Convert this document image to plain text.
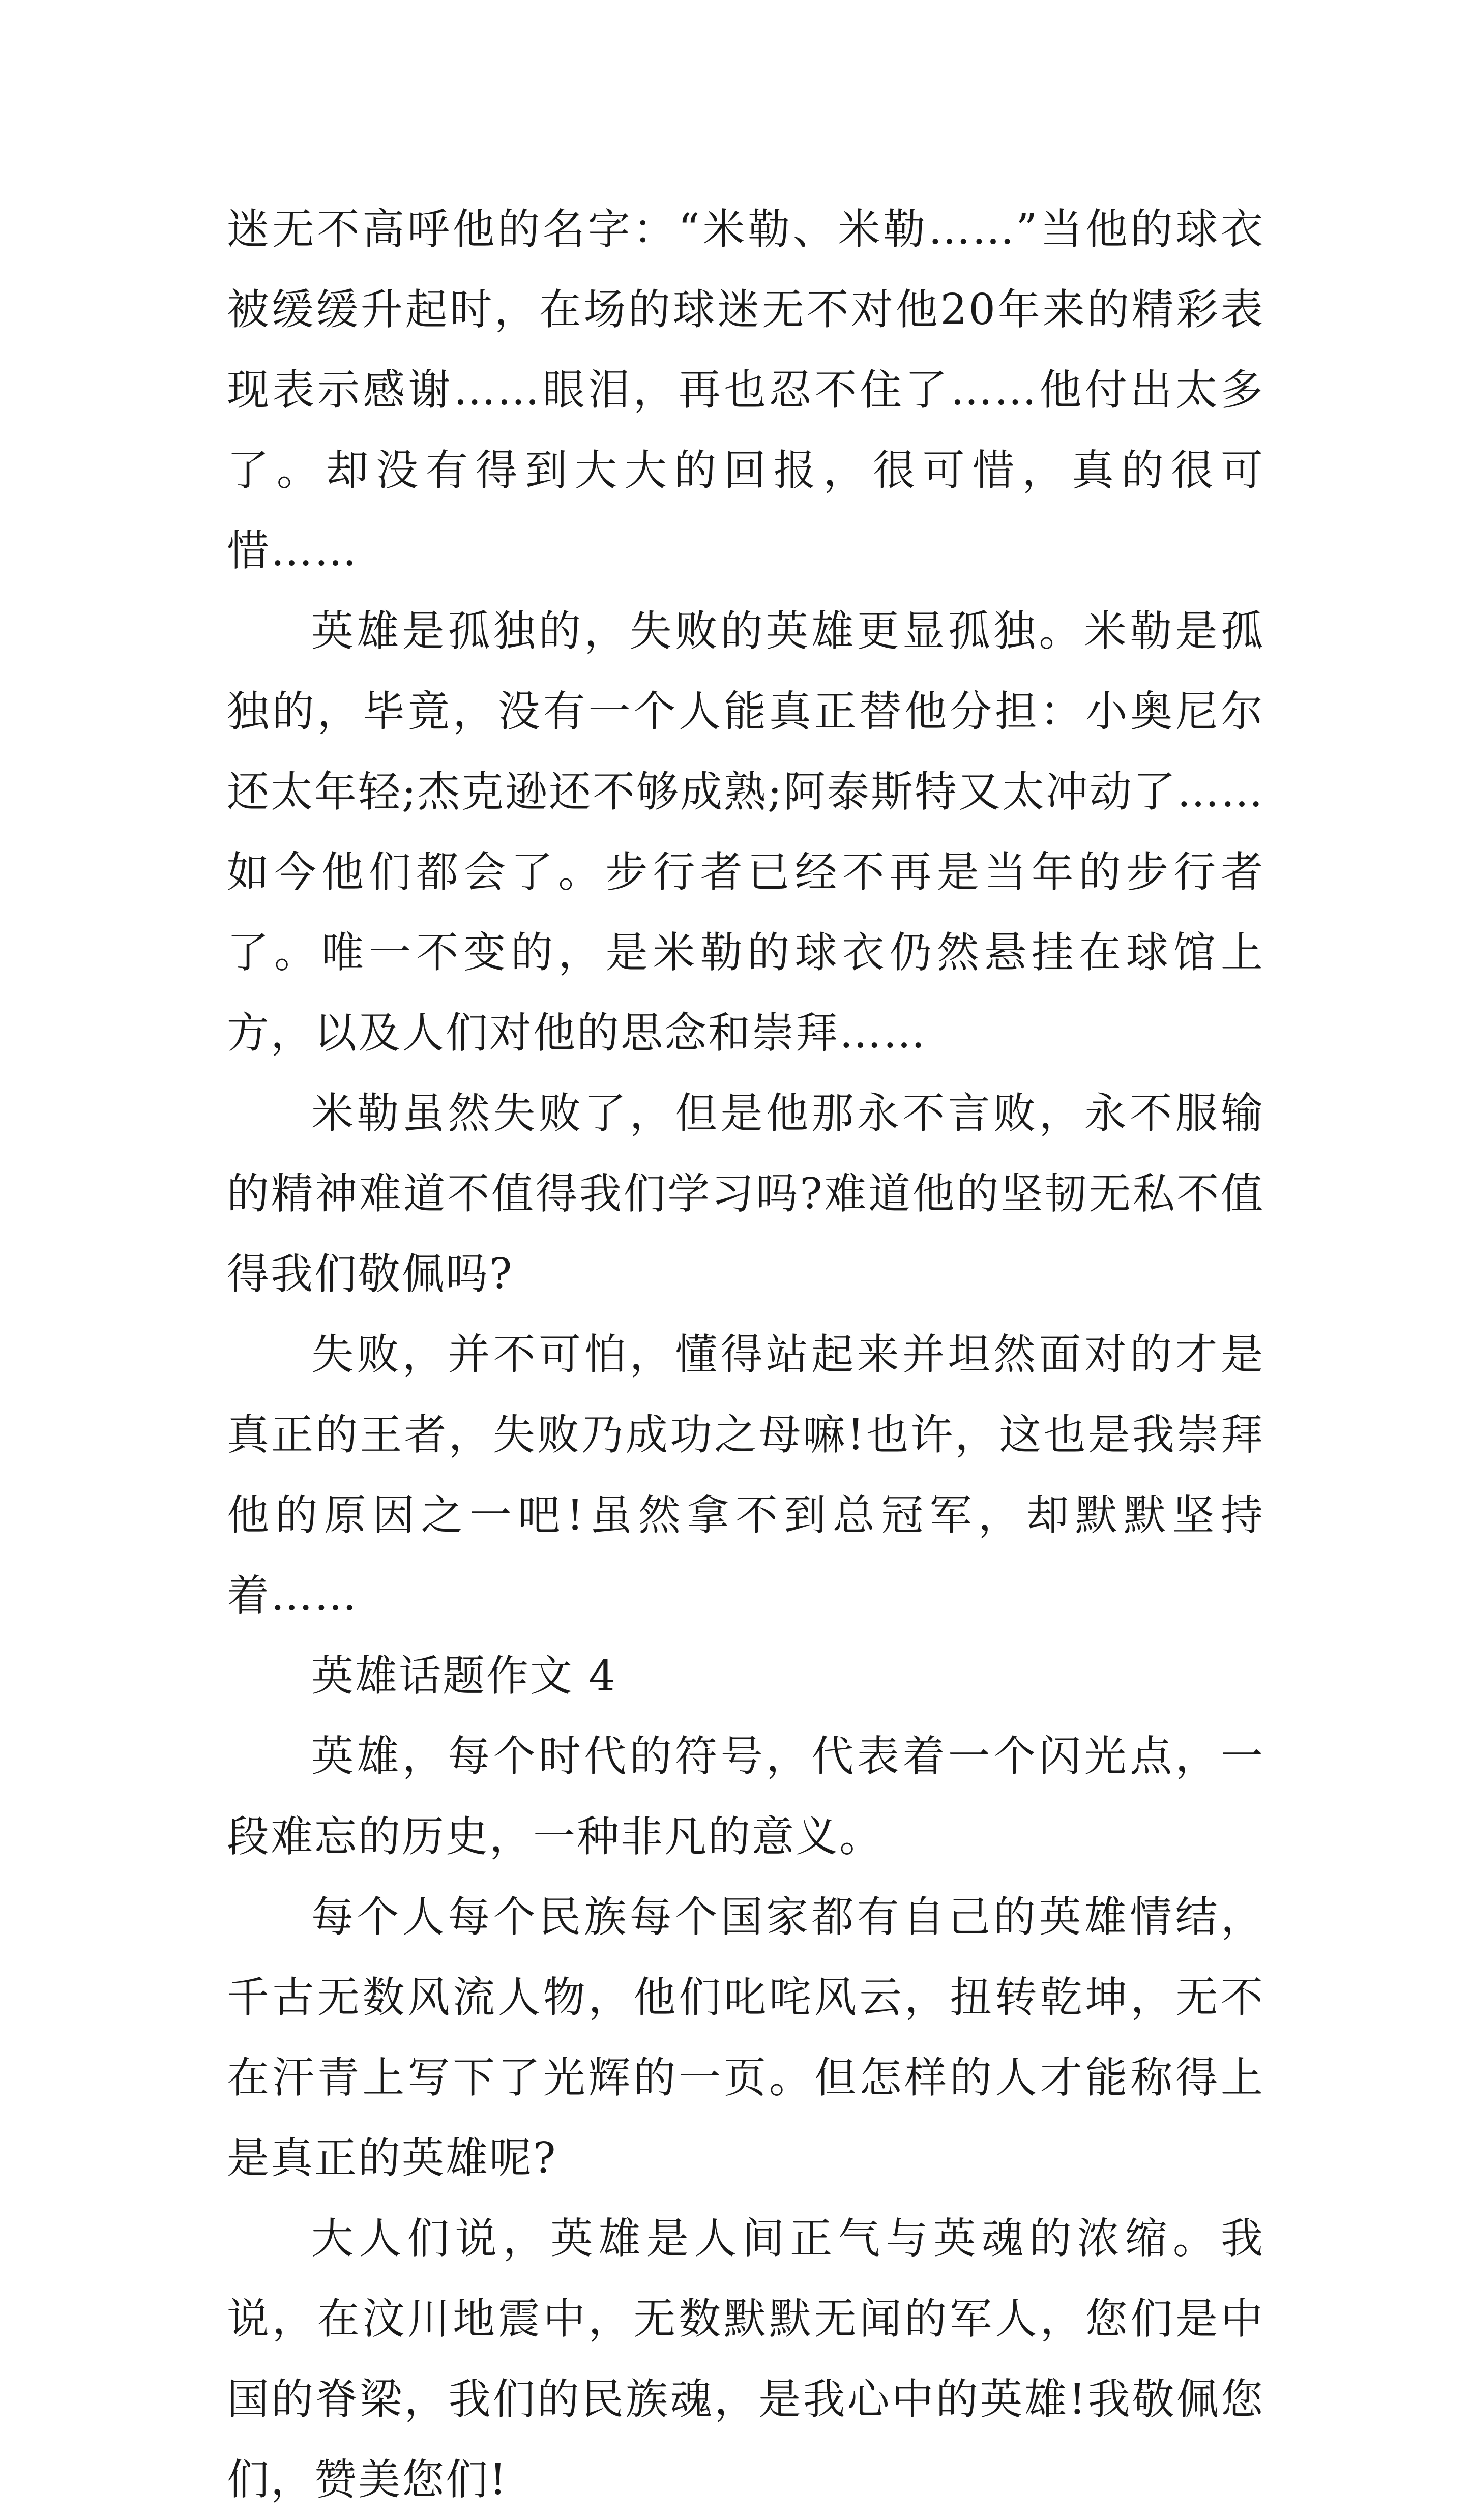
迷无不高呼他的名字：“米勒、米勒……”当他的球衣被缓缓升起时，在场的球迷无不对他20年来的精彩表现表示感谢……眼泪，再也忍不住了……他付出太多了。却没有得到大大的回报，很可惜，真的很可惜……

英雄是孤独的，失败的英雄更显孤独。米勒是孤独的，毕竟，没有一个人能真正替他分担：小奥尼尔还太年轻;杰克逊还不够成熟;阿泰斯特又太冲动了……如今他们都会了。步行者已经不再是当年的步行者了。唯一不变的，是米勒的球衣仍然悬挂在球馆上方，以及人们对他的思念和崇拜……

米勒虽然失败了，但是他那永不言败，永不服输的精神难道不值得我们学习吗?难道他的坚韧无私不值得我们敬佩吗?

失败，并不可怕，懂得站起来并坦然面对的才是真正的王者，失败乃成功之母嘛!也许，这也是我崇拜他的原因之一吧!虽然拿不到总冠军，却默默坚持着……

英雄话题作文 4

英雄，每个时代的符号，代表着一个闪光点，一段难忘的历史，一种非凡的意义。

每个人每个民族每个国家都有自己的英雄情结，千古无数风流人物，他们叱咤风云，扭转乾坤，无不在汗青上写下了光辉的一页。但怎样的人才能称得上是真正的英雄呢?

大人们说，英雄是人间正气与英魂的浓缩。我说，在汶川地震中，无数默默无闻的军人，您们是中国的脊梁，我们的民族魂，是我心中的英雄!我敬佩您们，赞美您们!
